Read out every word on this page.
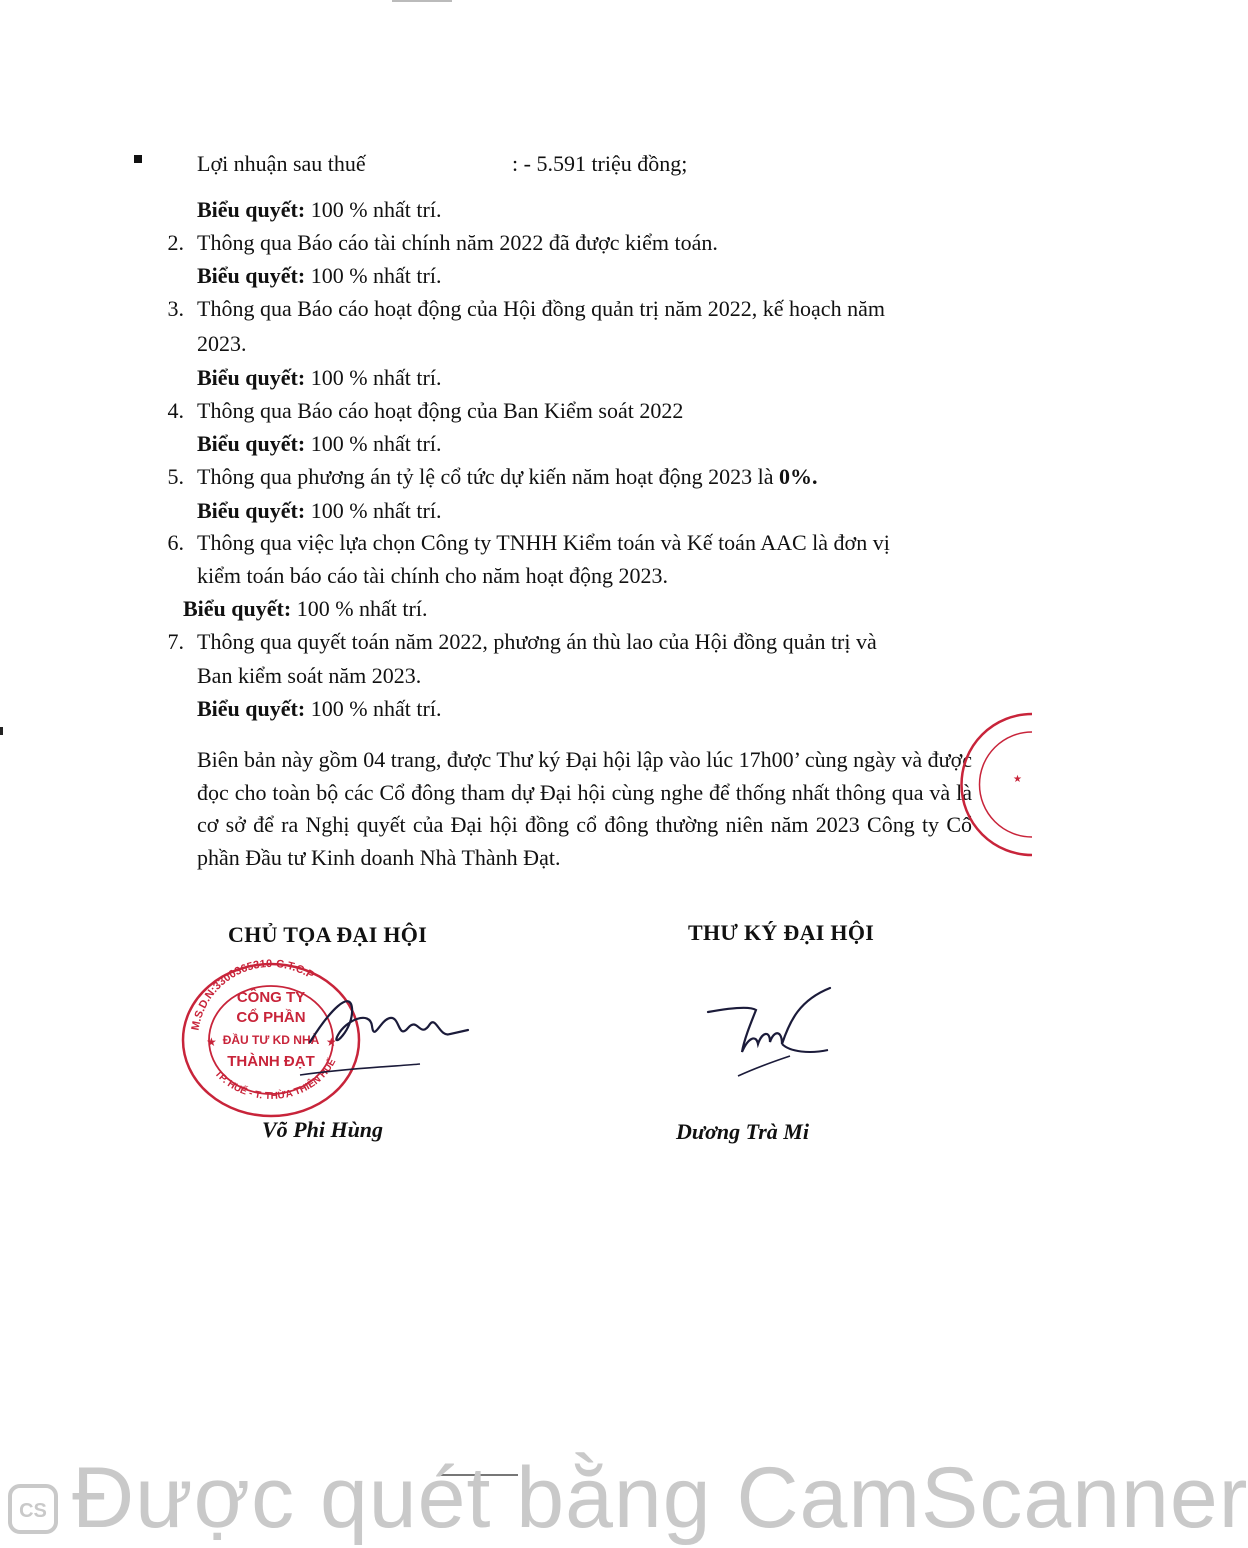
Lợi nhuận sau thuế	: - 5.591 triệu đồng;
Biểu quyết: 100 % nhất trí.
2. Thông qua Báo cáo tài chính năm 2022 đã được kiểm toán.
Biểu quyết: 100 % nhất trí.
3. Thông qua Báo cáo hoạt động của Hội đồng quản trị năm 2022, kế hoạch năm
2023.
Biểu quyết: 100 % nhất trí.
4. Thông qua Báo cáo hoạt động của Ban Kiểm soát 2022
Biểu quyết: 100 % nhất trí.
5. Thông qua phương án tỷ lệ cổ tức dự kiến năm hoạt động 2023 là 0%.
Biểu quyết: 100 % nhất trí.
6. Thông qua việc lựa chọn Công ty TNHH Kiểm toán và Kế toán AAC là đơn vị
kiểm toán báo cáo tài chính cho năm hoạt động 2023.
Biểu quyết: 100 % nhất trí.
7. Thông qua quyết toán năm 2022, phương án thù lao của Hội đồng quản trị và
Ban kiểm soát năm 2023.
Biểu quyết: 100 % nhất trí.
Biên bản này gồm 04 trang, được Thư ký Đại hội lập vào lúc 17h00’ cùng ngày và được đọc cho toàn bộ các Cổ đông tham dự Đại hội cùng nghe để thống nhất thông qua và là cơ sở để ra Nghị quyết của Đại hội đồng cổ đông thường niên năm 2023 Công ty Cổ phần Đầu tư Kinh doanh Nhà Thành Đạt.
CHỦ TỌA ĐẠI HỘI	THƯ KÝ ĐẠI HỘI
M.S.D.N:3300365310-C.T.C.P
TP. HUẾ - T. THỪA THIÊN HUẾ
★	★
CÔNG TY
CỔ PHẦN
ĐẦU TƯ KD NHÀ
THÀNH ĐẠT
Võ Phi Hùng	Dương Trà Mi
★
CS Được quét bằng CamScanner
